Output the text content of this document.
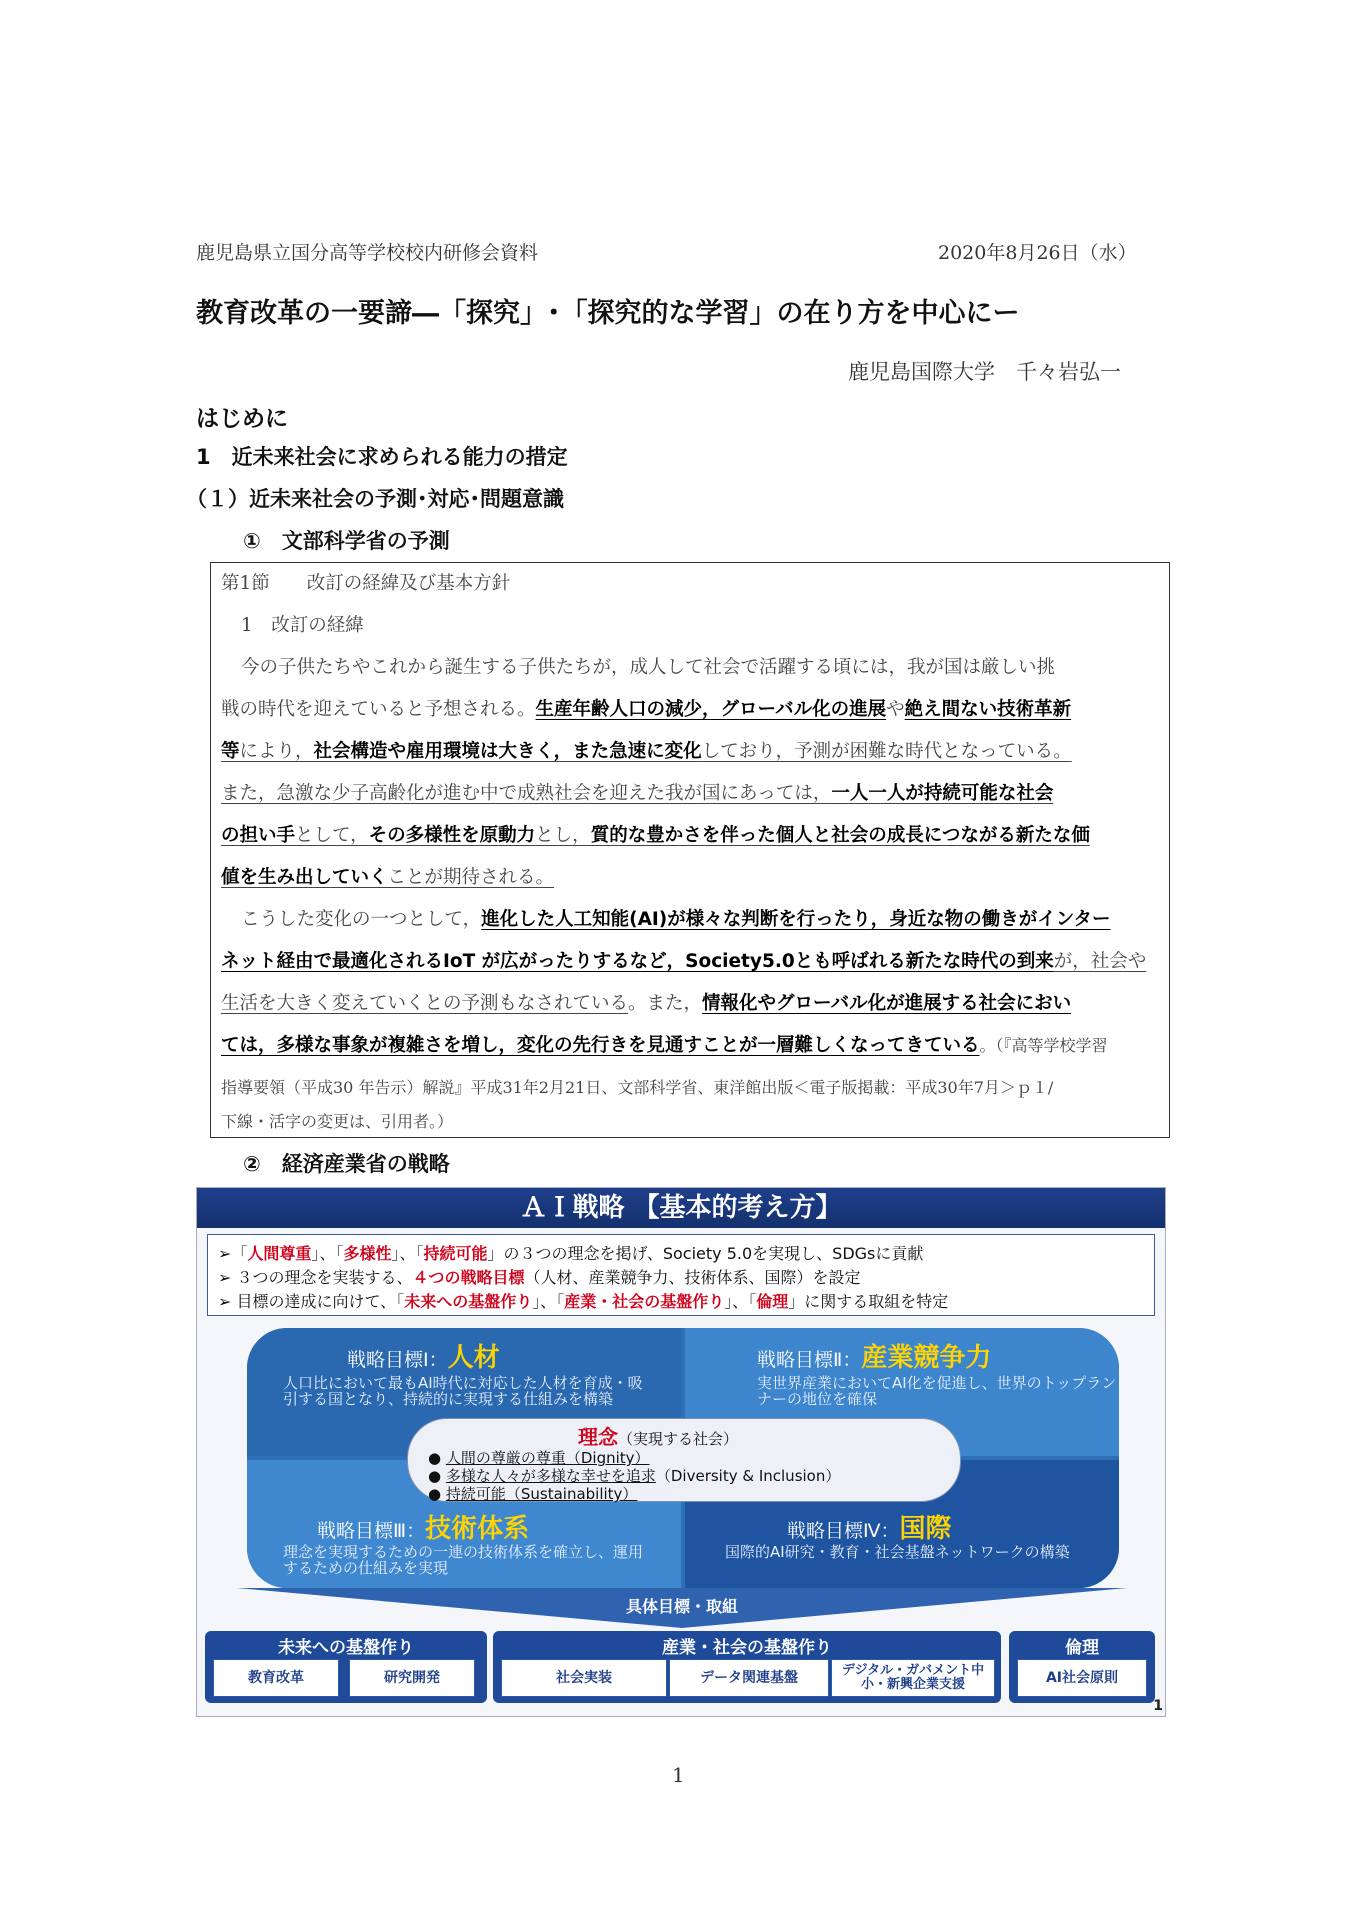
鹿児島県立国分高等学校校内研修会資料	2020年8月26日（水）
教育改革の一要諦―「探究」･「探究的な学習」の在り方を中心にー
鹿児島国際大学　千々岩弘一
はじめに
1　近未来社会に求められる能力の措定
（１）近未来社会の予測･対応･問題意識
①　文部科学省の予測
第1節　　改訂の経緯及び基本方針
1　改訂の経緯
今の子供たちやこれから誕生する子供たちが，成人して社会で活躍する頃には，我が国は厳しい挑
戦の時代を迎えていると予想される。生産年齢人口の減少，グローバル化の進展や絶え間ない技術革新
等により，社会構造や雇用環境は大きく，また急速に変化しており，予測が困難な時代となっている。
また，急激な少子高齢化が進む中で成熟社会を迎えた我が国にあっては，一人一人が持続可能な社会
の担い手として，その多様性を原動力とし，質的な豊かさを伴った個人と社会の成長につながる新たな価
値を生み出していくことが期待される。
こうした変化の一つとして，進化した人工知能(AI)が様々な判断を行ったり，身近な物の働きがインター
ネット経由で最適化されるIoT が広がったりするなど，Society5.0とも呼ばれる新たな時代の到来が，社会や
生活を大きく変えていくとの予測もなされている。また，情報化やグローバル化が進展する社会におい
ては，多様な事象が複雑さを増し，変化の先行きを見通すことが一層難しくなってきている。（『高等学校学習
指導要領（平成30 年告示）解説』平成31年2月21日、文部科学省、東洋館出版＜電子版掲載：平成30年7月＞ｐ１/
下線・活字の変更は、引用者。）
②　経済産業省の戦略
ＡＩ戦略 【基本的考え方】
➢「人間尊重」、「多様性」、「持続可能」の３つの理念を掲げ、Society 5.0を実現し、SDGsに貢献
➢ ３つの理念を実装する、４つの戦略目標（人材、産業競争力、技術体系、国際）を設定
➢ 目標の達成に向けて、「未来への基盤作り」、「産業・社会の基盤作り」、「倫理」に関する取組を特定
戦略目標Ⅰ：人材
人口比において最もAI時代に対応した人材を育成・吸引する国となり、持続的に実現する仕組みを構築
戦略目標Ⅱ：産業競争力
実世界産業においてAI化を促進し、世界のトップランナーの地位を確保
戦略目標Ⅲ：技術体系
理念を実現するための一連の技術体系を確立し、運用するための仕組みを実現
戦略目標Ⅳ：国際
国際的AI研究・教育・社会基盤ネットワークの構築
理念（実現する社会）
● 人間の尊厳の尊重（Dignity）
● 多様な人々が多様な幸せを追求（Diversity & Inclusion）
● 持続可能（Sustainability）
具体目標・取組
未来への基盤作り
教育改革	研究開発
産業・社会の基盤作り
社会実装	データ関連基盤	デジタル・ガバメント中小・新興企業支援
倫理
AI社会原則
1
1
